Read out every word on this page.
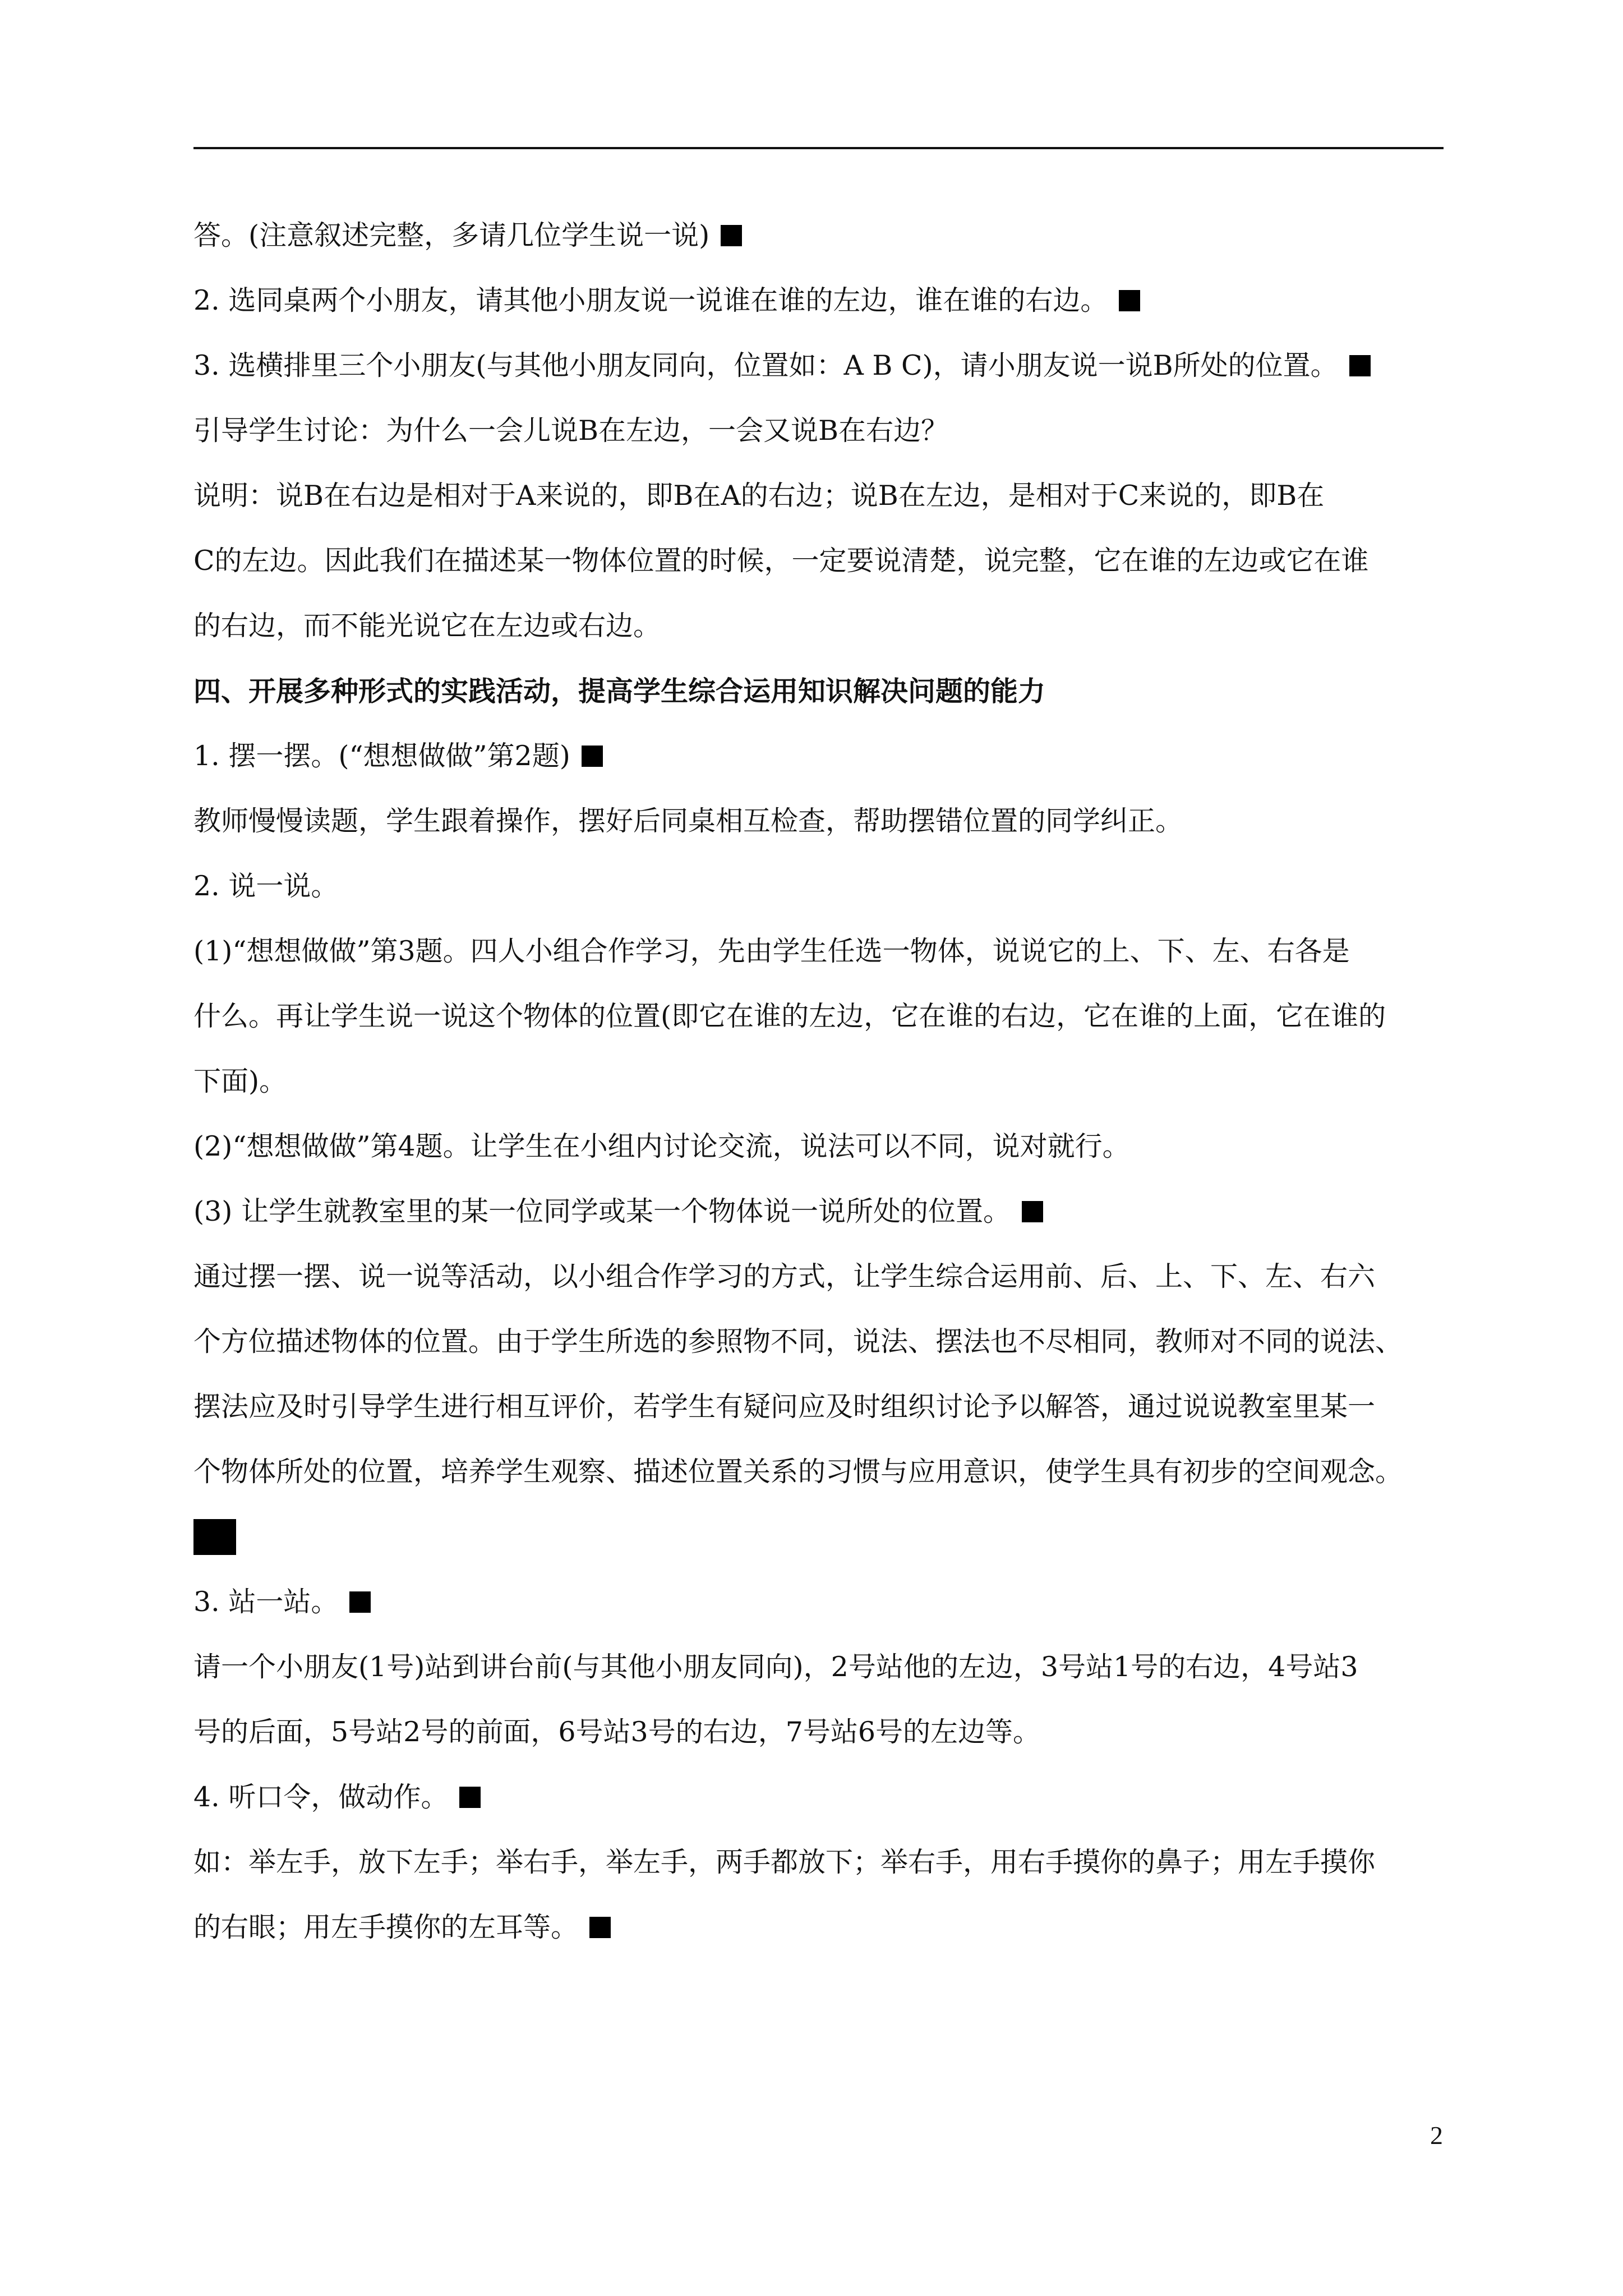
答。(注意叙述完整，多请几位学生说一说)
2. 选同桌两个小朋友，请其他小朋友说一说谁在谁的左边，谁在谁的右边。
3. 选横排里三个小朋友(与其他小朋友同向，位置如：A B C)，请小朋友说一说B所处的位置。
引导学生讨论：为什么一会儿说B在左边，一会又说B在右边？
说明：说B在右边是相对于A来说的，即B在A的右边；说B在左边，是相对于C来说的，即B在
C的左边。因此我们在描述某一物体位置的时候，一定要说清楚，说完整，它在谁的左边或它在谁
的右边，而不能光说它在左边或右边。
四、开展多种形式的实践活动，提高学生综合运用知识解决问题的能力
1. 摆一摆。(“想想做做”第2题)
教师慢慢读题，学生跟着操作，摆好后同桌相互检查，帮助摆错位置的同学纠正。
2. 说一说。
(1)“想想做做”第3题。四人小组合作学习，先由学生任选一物体，说说它的上、下、左、右各是
什么。再让学生说一说这个物体的位置(即它在谁的左边，它在谁的右边，它在谁的上面，它在谁的
下面)。
(2)“想想做做”第4题。让学生在小组内讨论交流，说法可以不同，说对就行。
(3) 让学生就教室里的某一位同学或某一个物体说一说所处的位置。
通过摆一摆、说一说等活动，以小组合作学习的方式，让学生综合运用前、后、上、下、左、右六
个方位描述物体的位置。由于学生所选的参照物不同，说法、摆法也不尽相同，教师对不同的说法、
摆法应及时引导学生进行相互评价，若学生有疑问应及时组织讨论予以解答，通过说说教室里某一
个物体所处的位置，培养学生观察、描述位置关系的习惯与应用意识，使学生具有初步的空间观念。
3. 站一站。
请一个小朋友(1号)站到讲台前(与其他小朋友同向)，2号站他的左边，3号站1号的右边，4号站3
号的后面，5号站2号的前面，6号站3号的右边，7号站6号的左边等。
4. 听口令，做动作。
如：举左手，放下左手；举右手，举左手，两手都放下；举右手，用右手摸你的鼻子；用左手摸你
的右眼；用左手摸你的左耳等。
2
